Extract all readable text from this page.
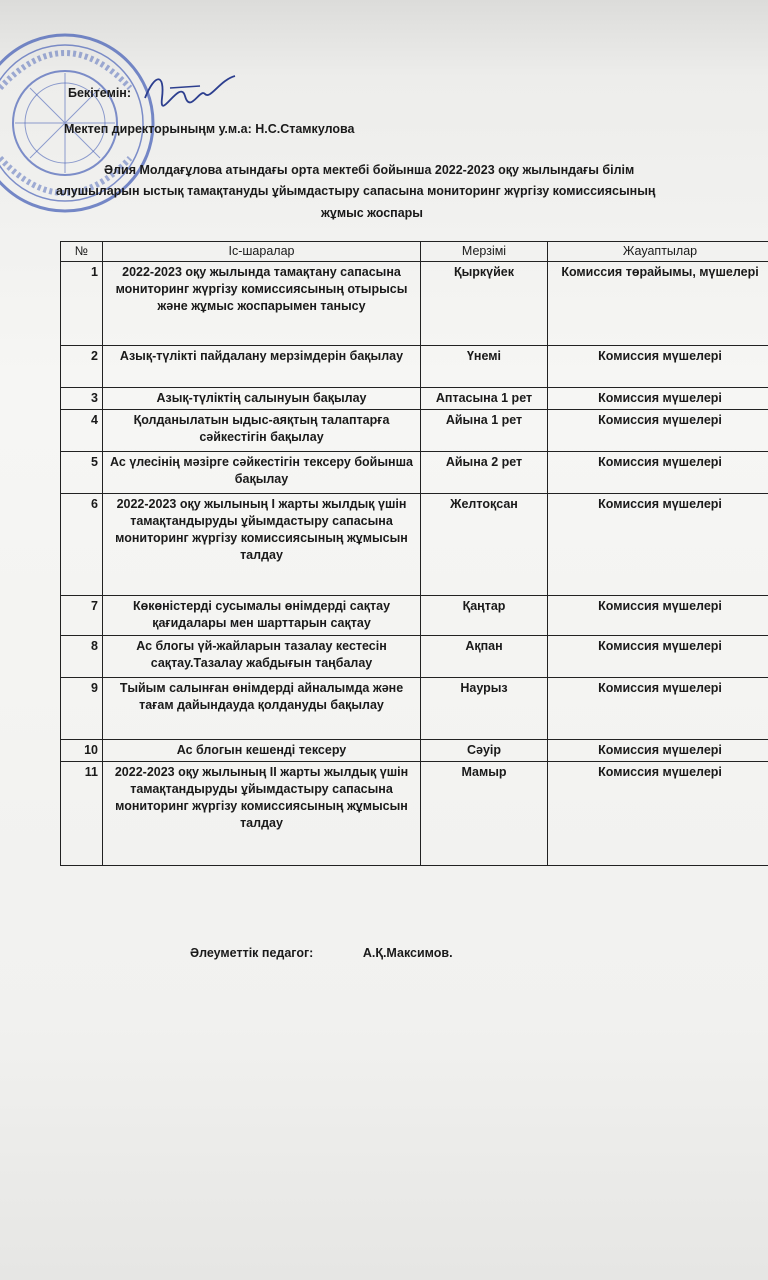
Бекітемін:
Мектеп директорыныңм у.м.а: Н.С.Стамкулова
Әлия Молдағұлова атындағы орта мектебі бойынша 2022-2023 оқу жылындағы білім
алушыларын ыстық тамақтануды ұйымдастыру сапасына мониторинг жүргізу комиссиясының
жұмыс жоспары
№	Іс-шаралар	Мерзімі	Жауаптылар
1	2022-2023 оқу жылында тамақтану сапасына мониторинг жүргізу комиссиясының отырысы және жұмыс жоспарымен танысу	Қыркүйек	Комиссия төрайымы, мүшелері
2	Азық-түлікті пайдалану мерзімдерін бақылау	Үнемі	Комиссия мүшелері
3	Азық-түліктің салынуын бақылау	Аптасына 1 рет	Комиссия мүшелері
4	Қолданылатын ыдыс-аяқтың талаптарға сәйкестігін бақылау	Айына 1 рет	Комиссия мүшелері
5	Ас үлесінің мәзірге сәйкестігін тексеру бойынша бақылау	Айына 2 рет	Комиссия мүшелері
6	2022-2023 оқу жылының І жарты жылдық үшін тамақтандыруды ұйымдастыру сапасына мониторинг жүргізу комиссиясының жұмысын талдау	Желтоқсан	Комиссия мүшелері
7	Көкөністерді сусымалы өнімдерді сақтау қағидалары мен шарттарын сақтау	Қаңтар	Комиссия мүшелері
8	Ас блогы үй-жайларын тазалау кестесін сақтау.Тазалау жабдығын таңбалау	Ақпан	Комиссия мүшелері
9	Тыйым салынған өнімдерді айналымда және тағам дайындауда қолдануды бақылау	Наурыз	Комиссия мүшелері
10	Ас блогын кешенді тексеру	Сәуір	Комиссия мүшелері
11	2022-2023 оқу жылының ІІ жарты жылдық үшін тамақтандыруды ұйымдастыру сапасына мониторинг жүргізу комиссиясының жұмысын талдау	Мамыр	Комиссия мүшелері
Әлеуметтік педагог:	А.Қ.Максимов.
